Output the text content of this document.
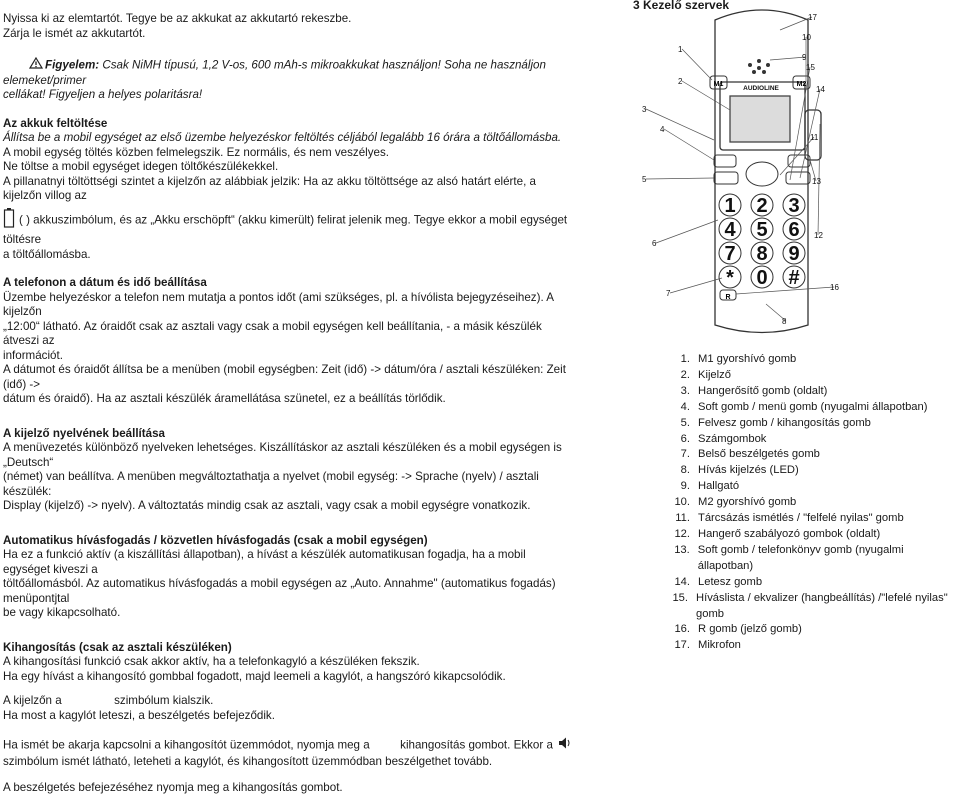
Nyissa ki az elemtartót. Tegye be az akkukat az akkutartó rekeszbe.

Zárja le ismét az akkutartót.

Figyelem: Csak NiMH típusú, 1,2 V-os, 600 mAh-s mikroakkukat használjon! Soha ne használjon elemeket/primer

cellákat! Figyeljen a helyes polaritásra!

Az akkuk feltöltése

Állítsa be a mobil egységet az első üzembe helyezéskor feltöltés céljából legalább 16 órára a töltőállomásba.

A mobil egység töltés közben felmelegszik. Ez normális, és nem veszélyes.

Ne töltse a mobil egységet idegen töltőkészülékekkel.

A pillanatnyi töltöttségi szintet a kijelzőn az alábbiak jelzik: Ha az akku töltöttsége az alsó határt elérte, a kijelzőn villog az

( ) akkuszimbólum, és az „Akku erschöpft“ (akku kimerült) felirat jelenik meg. Tegye ekkor a mobil egységet töltésre

a töltőállomásba.

A telefonon a dátum és idő beállítása

Üzembe helyezéskor a telefon nem mutatja a pontos időt (ami szükséges, pl. a hívólista bejegyzéseihez). A kijelzőn

„12:00“ látható. Az óraidőt csak az asztali vagy csak a mobil egységen kell beállítania, - a másik készülék átveszi az

információt.

A dátumot és óraidőt állítsa be a menüben (mobil egységben: Zeit (idő) -> dátum/óra / asztali készüléken: Zeit (idő) ->

dátum és óraidő). Ha az asztali készülék áramellátása szünetel, ez a beállítás törlődik.

A kijelző nyelvének beállítása

A menüvezetés különböző nyelveken lehetséges. Kiszállításkor az asztali készüléken és a mobil egységen is „Deutsch“

(német) van beállítva. A menüben megváltoztathatja a nyelvet (mobil egység: -> Sprache (nyelv) / asztali készülék:

Display (kijelző) -> nyelv). A változtatás mindig csak az asztali, vagy csak a mobil egységre vonatkozik.

Automatikus hívásfogadás / közvetlen hívásfogadás (csak a mobil egységen)

Ha ez a funkció aktív (a kiszállítási állapotban), a hívást a készülék automatikusan fogadja, ha a mobil egységet kiveszi a

töltőállomásból. Az automatikus hívásfogadás a mobil egységen az „Auto. Annahme" (automatikus fogadás) menüpontjtal

be vagy kikapcsolható.

Kihangosítás (csak az asztali készüléken)

A kihangosítási funkció csak akkor aktív, ha a telefonkagyló a készüléken fekszik.

Ha egy hívást a kihangosító gombbal fogadott, majd leemeli a kagylót, a hangszóró kikapcsolódik.

A kijelzőn a	szimbólum kialszik.

Ha most a kagylót leteszi, a beszélgetés befejeződik.

Ha ismét be akarja kapcsolni a kihangosítót üzemmódot, nyomja meg a	kihangosítás gombot. Ekkor a

szimbólum ismét látható, leteheti a kagylót, és kihangosított üzemmódban beszélgethet tovább.

A beszélgetés befejezéséhez nyomja meg a kihangosítás gombot.

3 Kezelő szervek
AUDIOLINE
M1	M2
R
1 2 3
4 5 6
7 8 9
* 0 #
1
2
3
4
5
6
7
8
9
10
11
12
13
14
15
16
17
1. M1 gyorshívó gomb
2. Kijelző
3. Hangerősítő gomb (oldalt)
4. Soft gomb / menü gomb (nyugalmi állapotban)
5. Felvesz gomb / kihangosítás gomb
6. Számgombok
7. Belső beszélgetés gomb
8. Hívás kijelzés (LED)
9. Hallgató
10. M2 gyorshívó gomb
11. Tárcsázás ismétlés / "felfelé nyilas" gomb
12. Hangerő szabályozó gombok (oldalt)
13. Soft gomb / telefonkönyv gomb (nyugalmi állapotban)
14. Letesz gomb
15. Híváslista / ekvalizer (hangbeállítás) /"lefelé nyilas" gomb
16. R gomb (jelző gomb)
17. Mikrofon
